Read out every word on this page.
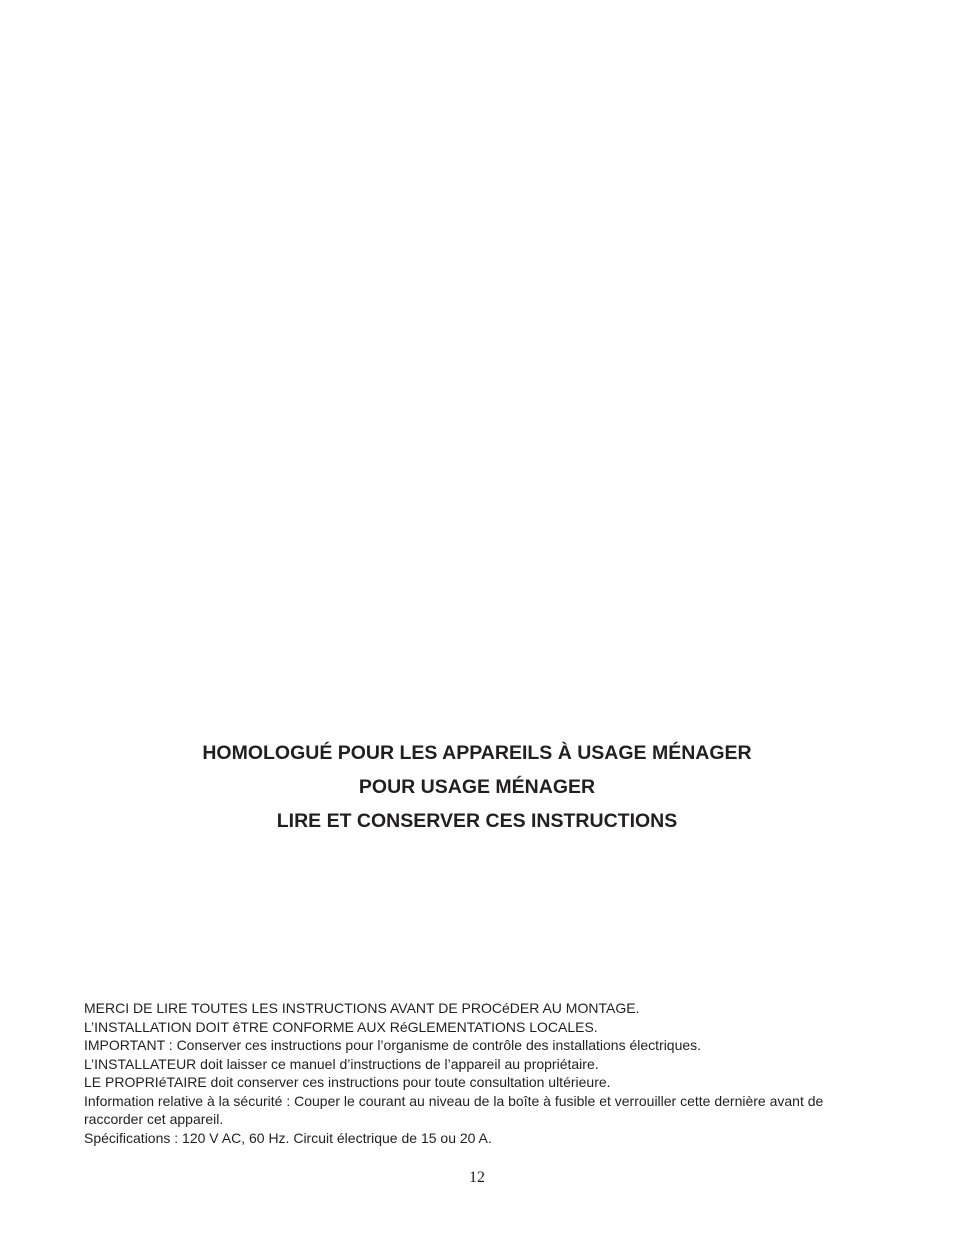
HOMOLOGUÉ POUR LES APPAREILS À USAGE MÉNAGER
POUR USAGE MÉNAGER
LIRE ET CONSERVER CES INSTRUCTIONS
MERCI DE LIRE TOUTES LES INSTRUCTIONS AVANT DE PROCéDER AU MONTAGE.
L’INSTALLATION DOIT êTRE CONFORME AUX RéGLEMENTATIONS LOCALES.
IMPORTANT : Conserver ces instructions pour l’organisme de contrôle des installations électriques.
L’INSTALLATEUR doit laisser ce manuel d’instructions de l’appareil au propriétaire.
LE PROPRIéTAIRE doit conserver ces instructions pour toute consultation ultérieure.
Information relative à la sécurité : Couper le courant au niveau de la boîte à fusible et verrouiller cette dernière avant de raccorder cet appareil.
Spécifications : 120 V AC, 60 Hz. Circuit électrique de 15 ou 20 A.
12
